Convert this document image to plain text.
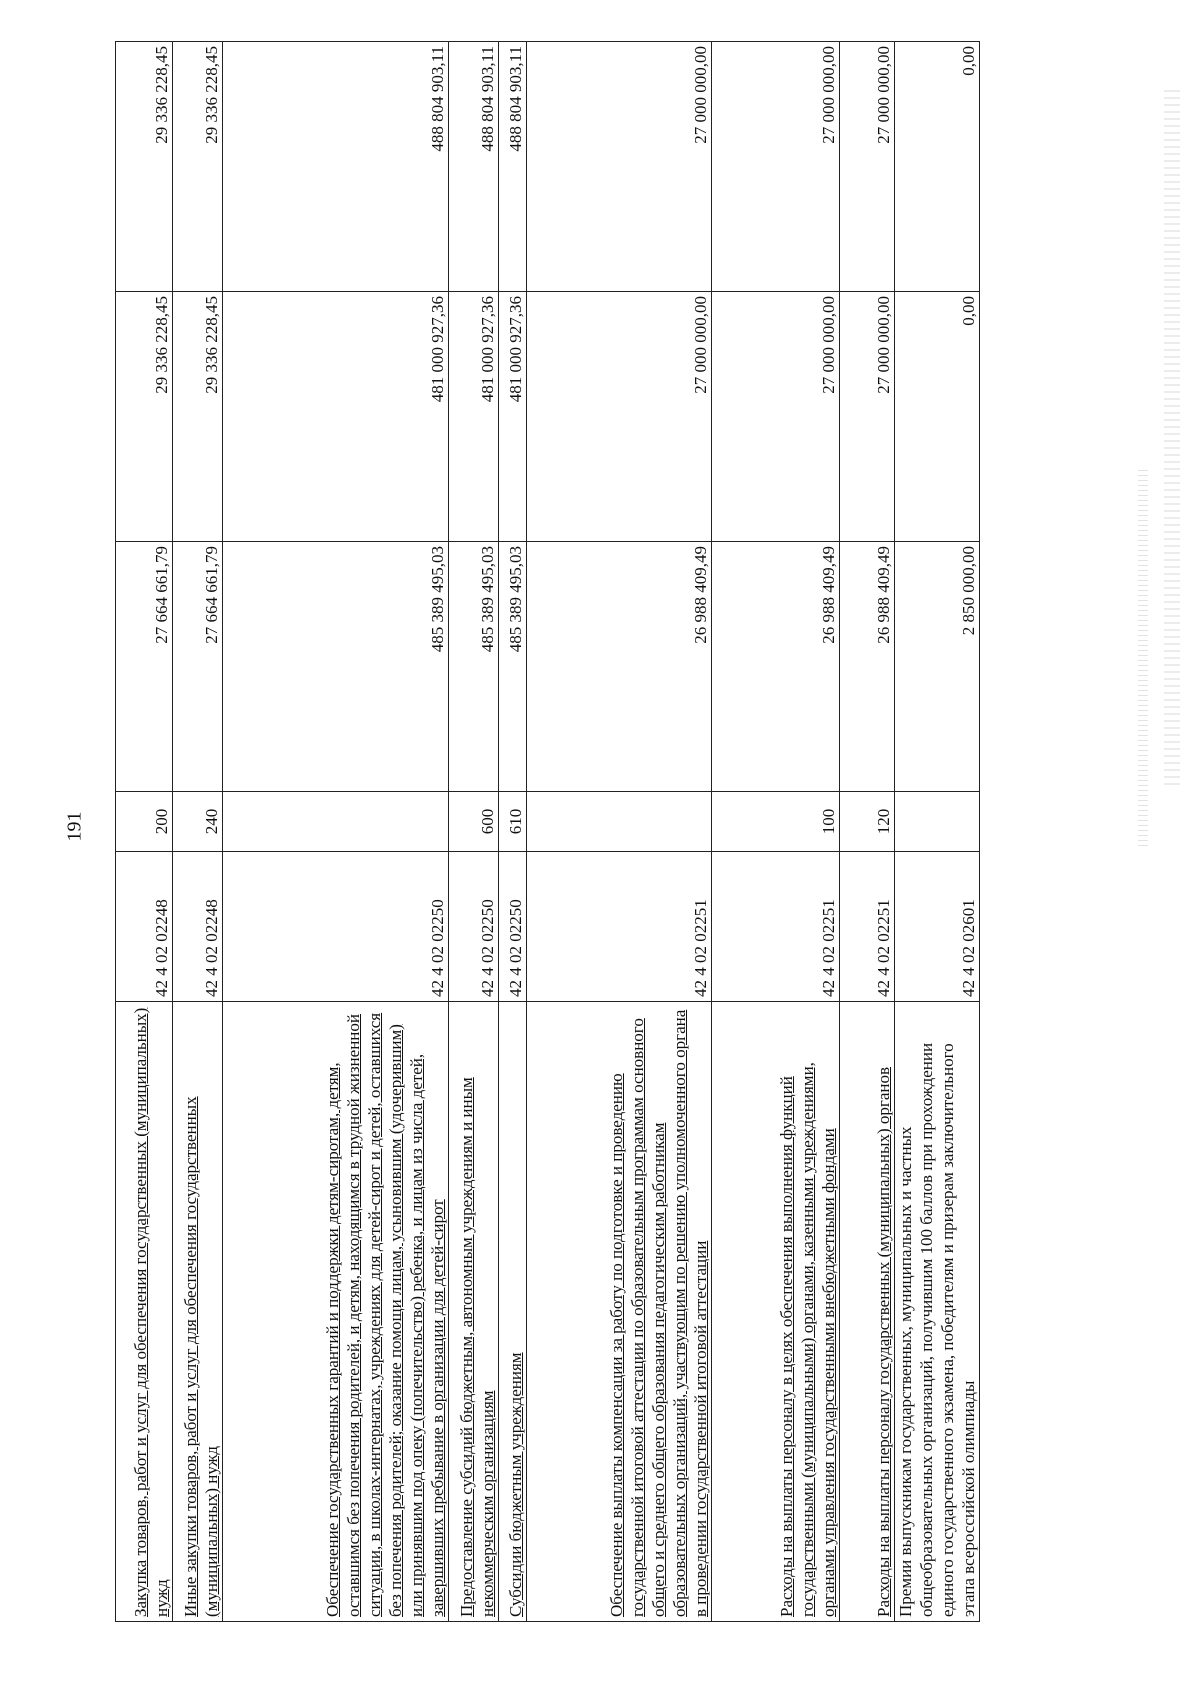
191
Закупка товаров, работ и услуг для обеспечения государственных (муниципальных) нужд	42 4 02 02248	200	27 664 661,79	29 336 228,45	29 336 228,45
Иные закупки товаров, работ и услуг для обеспечения государственных (муниципальных) нужд	42 4 02 02248	240	27 664 661,79	29 336 228,45	29 336 228,45
Обеспечение государственных гарантий и поддержки детям-сиротам, детям, оставшимся без попечения родителей, и детям, находящимся в трудной жизненной ситуации, в школах-интернатах, учреждениях для детей-сирот и детей, оставшихся без попечения родителей; оказание помощи лицам, усыновившим (удочерившим) или принявшим под опеку (попечительство) ребенка, и лицам из числа детей, завершивших пребывание в организации для детей-сирот	42 4 02 02250		485 389 495,03	481 000 927,36	488 804 903,11
Предоставление субсидий бюджетным, автономным учреждениям и иным некоммерческим организациям	42 4 02 02250	600	485 389 495,03	481 000 927,36	488 804 903,11
Субсидии бюджетным учреждениям	42 4 02 02250	610	485 389 495,03	481 000 927,36	488 804 903,11
Обеспечение выплаты компенсации за работу по подготовке и проведению государственной итоговой аттестации по образовательным программам основного общего и среднего общего образования педагогическим работникам образовательных организаций, участвующим по решению уполномоченного органа в проведении государственной итоговой аттестации	42 4 02 02251		26 988 409,49	27 000 000,00	27 000 000,00
Расходы на выплаты персоналу в целях обеспечения выполнения функций государственными (муниципальными) органами, казенными учреждениями, органами управления государственными внебюджетными фондами	42 4 02 02251	100	26 988 409,49	27 000 000,00	27 000 000,00
Расходы на выплаты персоналу государственных (муниципальных) органов	42 4 02 02251	120	26 988 409,49	27 000 000,00	27 000 000,00
Премии выпускникам государственных, муниципальных и частных общеобразовательных организаций, получившим 100 баллов при прохождении единого государственного экзамена, победителям и призерам заключительного этапа всероссийской олимпиады	42 4 02 02601		2 850 000,00	0,00	0,00
